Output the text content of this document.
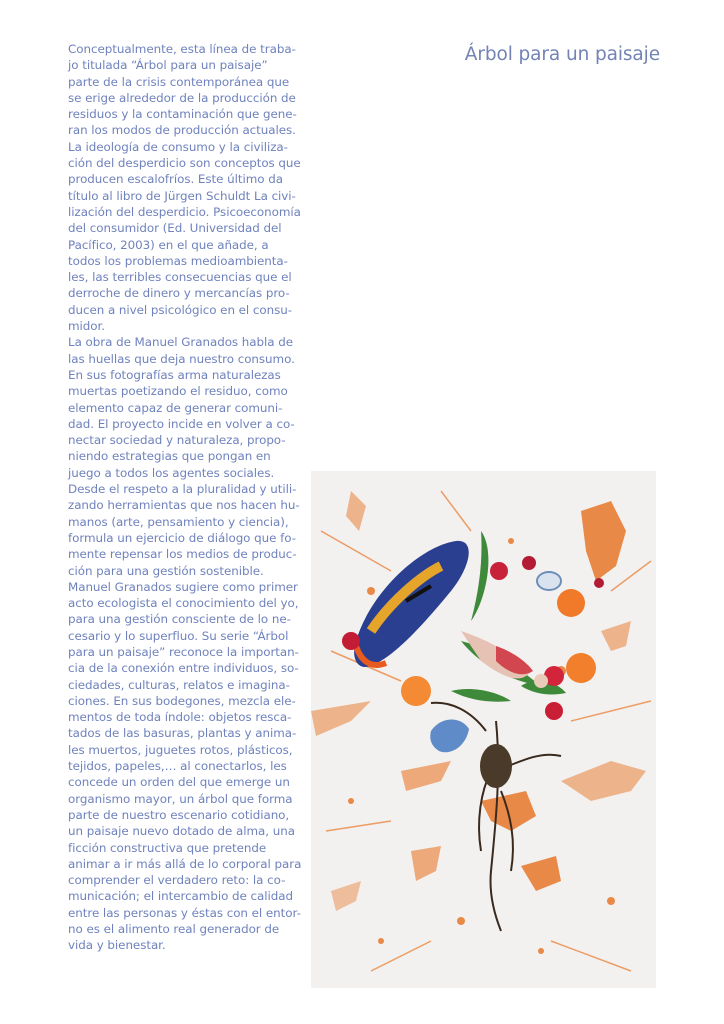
Árbol para un paisaje
Conceptualmente, esta línea de traba-
jo titulada “Árbol para un paisaje”
parte de la crisis contemporánea que
se erige alrededor de la producción de
residuos y la contaminación que gene-
ran los modos de producción actuales.
La ideología de consumo y la civiliza-
ción del desperdicio son conceptos que
producen escalofríos. Este último da
título al libro de Jürgen Schuldt La civi-
lización del desperdicio. Psicoeconomía
del consumidor (Ed. Universidad del
Pacífico, 2003) en el que añade, a
todos los problemas medioambienta-
les, las terribles consecuencias que el
derroche de dinero y mercancías pro-
ducen a nivel psicológico en el consu-
midor.
La obra de Manuel Granados habla de
las huellas que deja nuestro consumo.
En sus fotografías arma naturalezas
muertas poetizando el residuo, como
elemento capaz de generar comuni-
dad. El proyecto incide en volver a co-
nectar sociedad y naturaleza, propo-
niendo estrategias que pongan en
juego a todos los agentes sociales.
Desde el respeto a la pluralidad y utili-
zando herramientas que nos hacen hu-
manos (arte, pensamiento y ciencia),
formula un ejercicio de diálogo que fo-
mente repensar los medios de produc-
ción para una gestión sostenible.
Manuel Granados sugiere como primer
acto ecologista el conocimiento del yo,
para una gestión consciente de lo ne-
cesario y lo superfluo. Su serie “Árbol
para un paisaje” reconoce la importan-
cia de la conexión entre individuos, so-
ciedades, culturas, relatos e imagina-
ciones. En sus bodegones, mezcla ele-
mentos de toda índole: objetos resca-
tados de las basuras, plantas y anima-
les muertos, juguetes rotos, plásticos,
tejidos, papeles,… al conectarlos, les
concede un orden del que emerge un
organismo mayor, un árbol que forma
parte de nuestro escenario cotidiano,
un paisaje nuevo dotado de alma, una
ficción constructiva que pretende
animar a ir más allá de lo corporal para
comprender el verdadero reto: la co-
municación; el intercambio de calidad
entre las personas y éstas con el entor-
no es el alimento real generador de
vida y bienestar.
